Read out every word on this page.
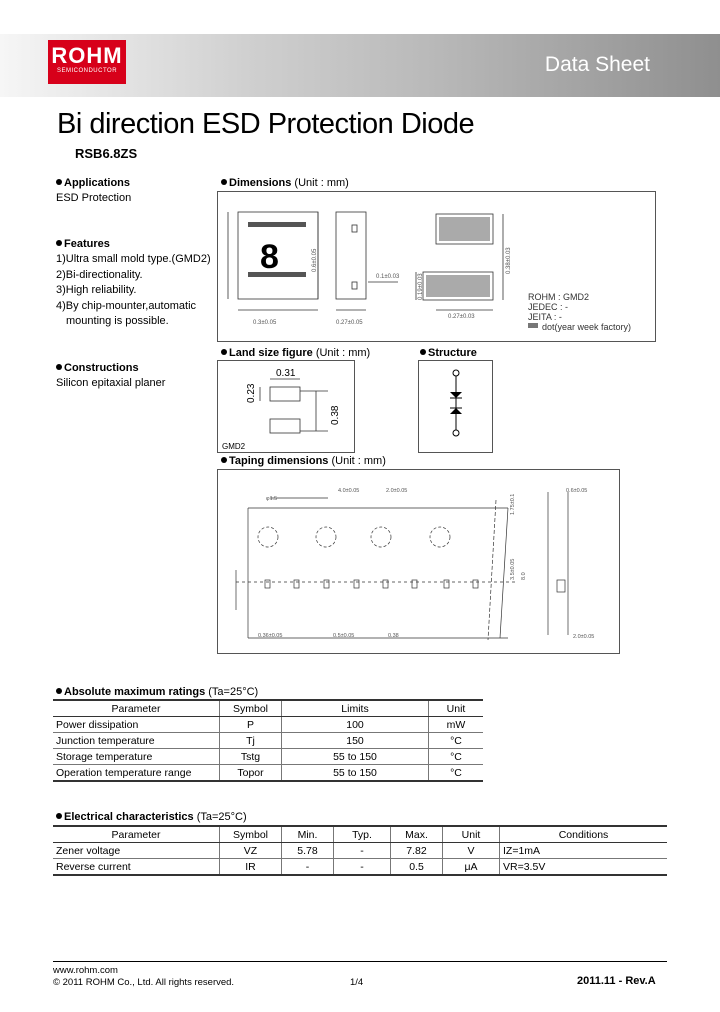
ROHM
SEMICONDUCTOR	Data Sheet
Bi direction ESD Protection Diode
RSB6.8ZS
Applications
ESD Protection
Features
1)Ultra small mold type.(GMD2)
2)Bi-directionality.
3)High reliability.
4)By chip-mounter,automatic
mounting is possible.
Constructions
Silicon epitaxial planer
Dimensions (Unit : mm)
8	0.6±0.05
0.3±0.05	0.27±0.05
0.38±0.03
0.19±0.03
0.27±0.03
0.1±0.03
ROHM : GMD2
JEDEC : -
JEITA : -
dot(year week factory)
Land size figure (Unit : mm)
0.31
0.23
0.38
GMD2
Structure
Taping dimensions (Unit : mm)
φ1.5
4.0±0.05	2.0±0.05
1.75±0.1
3.5±0.05 8.0
0.5±0.05
0.36±0.05	0.38
0.6±0.05
2.0±0.05
Absolute maximum ratings (Ta=25°C)
Parameter	Symbol	Limits	Unit
Power dissipation	P	100	mW
Junction temperature	Tj	150	°C
Storage temperature	Tstg	55 to 150	°C
Operation temperature range	Topor	55 to 150	°C
Electrical characteristics (Ta=25°C)
Parameter	Symbol	Min.	Typ.	Max.	Unit	Conditions
Zener voltage	VZ	5.78	-	7.82	V	IZ=1mA
Reverse current	IR	-	-	0.5	μA	VR=3.5V
www.rohm.com
© 2011 ROHM Co., Ltd. All rights reserved.	1/4	2011.11 - Rev.A
